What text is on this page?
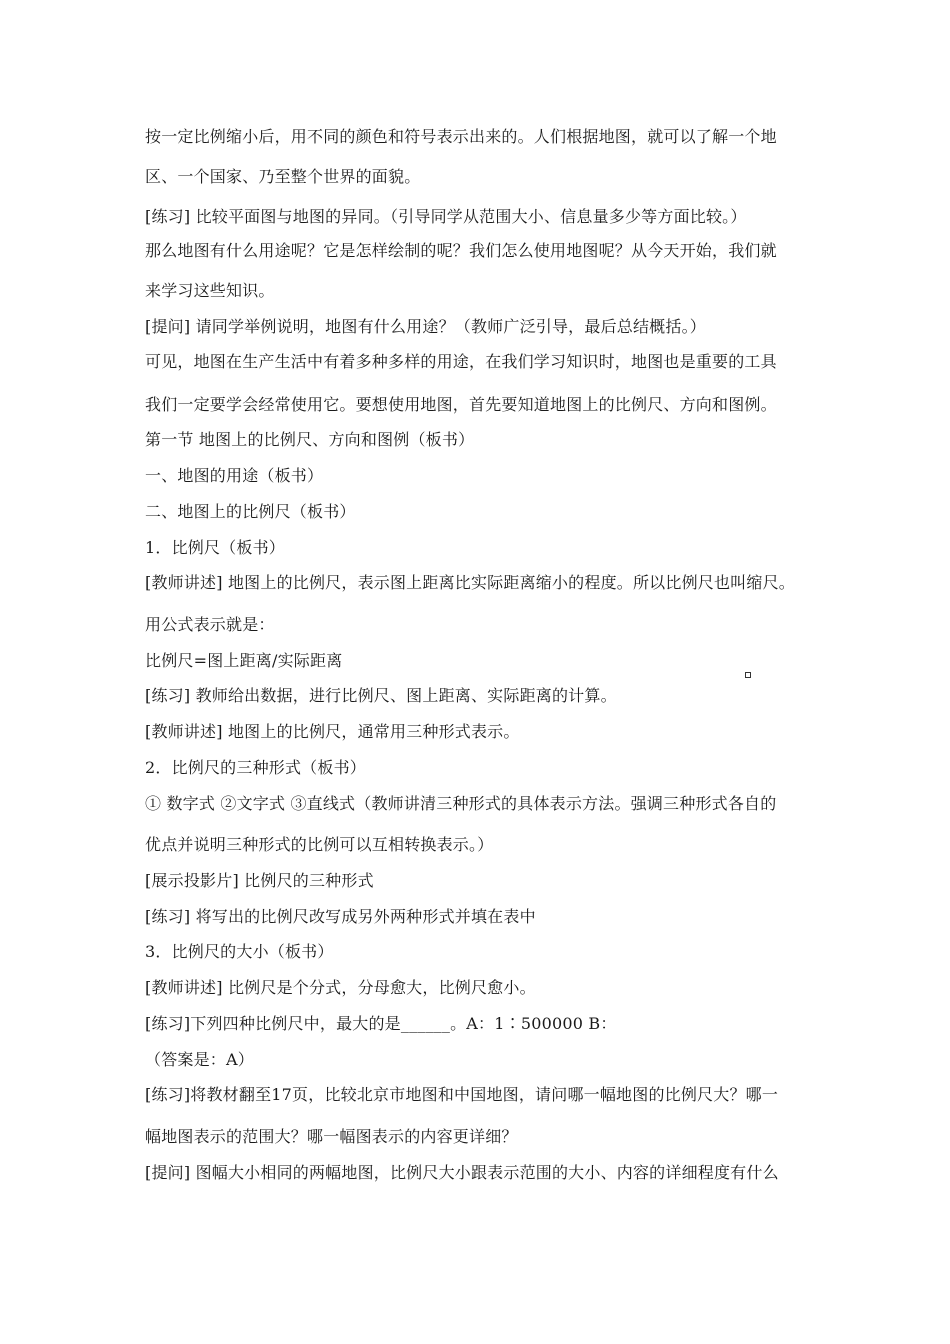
按一定比例缩小后，用不同的颜色和符号表示出来的。人们根据地图，就可以了解一个地
区、一个国家、乃至整个世界的面貌。
[练习] 比较平面图与地图的异同。（引导同学从范围大小、信息量多少等方面比较。）
那么地图有什么用途呢？它是怎样绘制的呢？我们怎么使用地图呢？从今天开始，我们就
来学习这些知识。
[提问] 请同学举例说明，地图有什么用途？（教师广泛引导，最后总结概括。）
可见，地图在生产生活中有着多种多样的用途，在我们学习知识时，地图也是重要的工具
我们一定要学会经常使用它。要想使用地图，首先要知道地图上的比例尺、方向和图例。
第一节 地图上的比例尺、方向和图例（板书）
一、地图的用途（板书）
二、地图上的比例尺（板书）
1．比例尺（板书）
[教师讲述] 地图上的比例尺，表示图上距离比实际距离缩小的程度。所以比例尺也叫缩尺。
用公式表示就是：
比例尺=图上距离/实际距离
[练习] 教师给出数据，进行比例尺、图上距离、实际距离的计算。
[教师讲述] 地图上的比例尺，通常用三种形式表示。
2．比例尺的三种形式（板书）
① 数字式 ②文字式 ③直线式（教师讲清三种形式的具体表示方法。强调三种形式各自的
优点并说明三种形式的比例可以互相转换表示。）
[展示投影片] 比例尺的三种形式
[练习] 将写出的比例尺改写成另外两种形式并填在表中
3．比例尺的大小（板书）
[教师讲述] 比例尺是个分式，分母愈大，比例尺愈小。
[练习]下列四种比例尺中，最大的是______。A：1∶500000 B：
（答案是：A）
[练习]将教材翻至17页，比较北京市地图和中国地图，请问哪一幅地图的比例尺大？哪一
幅地图表示的范围大？哪一幅图表示的内容更详细？
[提问] 图幅大小相同的两幅地图，比例尺大小跟表示范围的大小、内容的详细程度有什么
